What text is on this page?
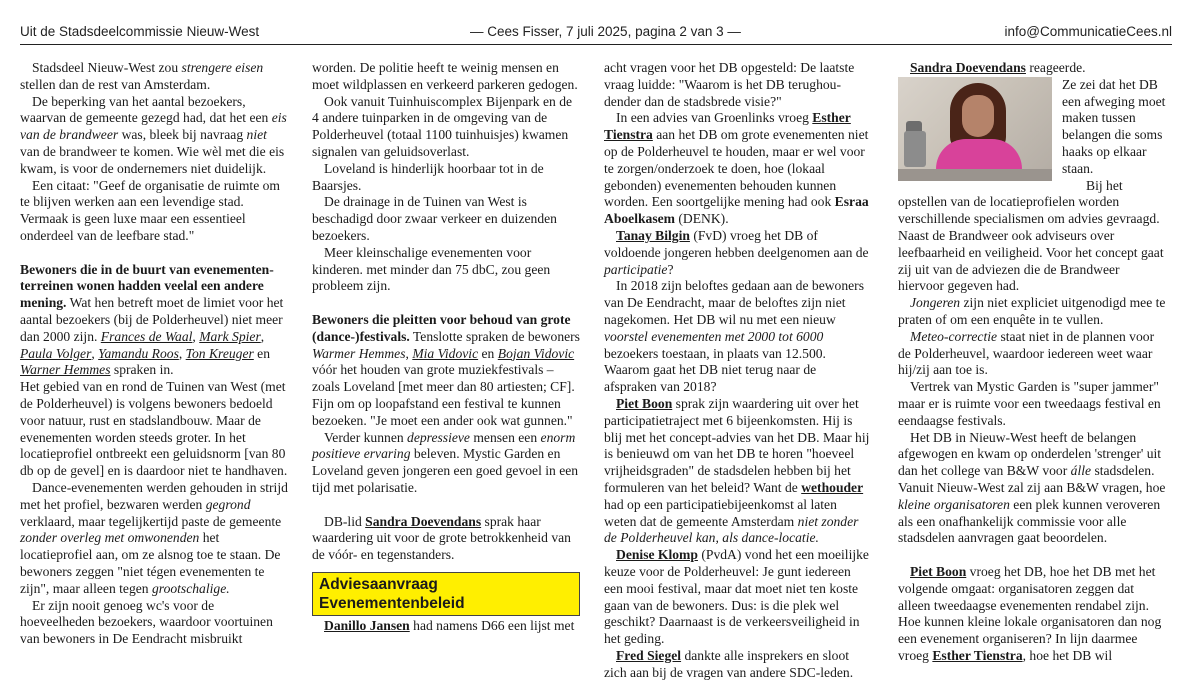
Uit de Stadsdeelcommissie Nieuw-West	— Cees Fisser, 7 juli 2025, pagina 2 van 3 —	info@CommunicatieCees.nl

Stadsdeel Nieuw-West zou strengere eisen stellen dan de rest van Amsterdam.

De beperking van het aantal bezoekers, waarvan de gemeente gezegd had, dat het een eis van de brandweer was, bleek bij navraag niet van de brandweer te komen. Wie wèl met die eis kwam, is voor de ondernemers niet duidelijk.

Een citaat: "Geef de organisatie de ruimte om te blijven werken aan een levendige stad. Vermaak is geen luxe maar een essentieel onderdeel van de leefbare stad."

Bewoners die in de buurt van evenementen-terreinen wonen hadden veelal een andere mening. Wat hen betreft moet de limiet voor het aantal bezoekers (bij de Polderheuvel) niet meer dan 2000 zijn. Frances de Waal, Mark Spier, Paula Volger, Yamandu Roos, Ton Kreuger en Warner Hemmes spraken in.

Het gebied van en rond de Tuinen van West (met de Polderheuvel) is volgens bewoners bedoeld voor natuur, rust en stadslandbouw. Maar de evenementen worden steeds groter. In het locatieprofiel ontbreekt een geluidsnorm [van 80 db op de gevel] en is daardoor niet te handhaven.

Dance-evenementen werden gehouden in strijd met het profiel, bezwaren werden gegrond verklaard, maar tegelijkertijd paste de gemeente zonder overleg met omwonenden het locatieprofiel aan, om ze alsnog toe te staan. De bewoners zeggen "niet tégen evenementen te zijn", maar alleen tegen grootschalige.

Er zijn nooit genoeg wc's voor de hoeveelheden bezoekers, waardoor voortuinen van bewoners in De Eendracht misbruikt

worden. De politie heeft te weinig mensen en moet wildplassen en verkeerd parkeren gedogen.

Ook vanuit Tuinhuiscomplex Bijenpark en de 4 andere tuinparken in de omgeving van de Polderheuvel (totaal 1100 tuinhuisjes) kwamen signalen van geluidsoverlast.

Loveland is hinderlijk hoorbaar tot in de Baarsjes.

De drainage in de Tuinen van West is beschadigd door zwaar verkeer en duizenden bezoekers.

Meer kleinschalige evenementen voor kinderen. met minder dan 75 dbC, zou geen probleem zijn.

Bewoners die pleitten voor behoud van grote (dance-)festivals. Tenslotte spraken de bewoners Warmer Hemmes, Mia Vidovic en Bojan Vidovic vóór het houden van grote muziekfestivals – zoals Loveland [met meer dan 80 artiesten; CF]. Fijn om op loopafstand een festival te kunnen bezoeken. "Je moet een ander ook wat gunnen."

Verder kunnen depressieve mensen een enorm positieve ervaring beleven. Mystic Garden en Loveland geven jongeren een goed gevoel in een tijd met polarisatie.

DB-lid Sandra Doevendans sprak haar waardering uit voor de grote betrokkenheid van de vóór- en tegenstanders.

Adviesaanvraag
Evenementenbeleid

Danillo Jansen had namens D66 een lijst met

acht vragen voor het DB opgesteld: De laatste vraag luidde: "Waarom is het DB terughou-dender dan de stadsbrede visie?"

In een advies van Groenlinks vroeg Esther Tienstra aan het DB om grote evenementen niet op de Polderheuvel te houden, maar er wel voor te zorgen/onderzoek te doen, hoe (lokaal gebonden) evenementen behouden kunnen worden. Een soortgelijke mening had ook Esraa Aboelkasem (DENK).

Tanay Bilgin (FvD) vroeg het DB of voldoende jongeren hebben deelgenomen aan de participatie?

In 2018 zijn beloftes gedaan aan de bewoners van De Eendracht, maar de beloftes zijn niet nagekomen. Het DB wil nu met een nieuw voorstel evenementen met 2000 tot 6000 bezoekers toestaan, in plaats van 12.500. Waarom gaat het DB niet terug naar de afspraken van 2018?

Piet Boon sprak zijn waardering uit over het participatietraject met 6 bijeenkomsten. Hij is blij met het concept-advies van het DB. Maar hij is benieuwd om van het DB te horen "hoeveel vrijheidsgraden" de stadsdelen hebben bij het formuleren van het beleid? Want de wethouder had op een participatiebijeenkomst al laten weten dat de gemeente Amsterdam niet zonder de Polderheuvel kan, als dance-locatie.

Denise Klomp (PvdA) vond het een moeilijke keuze voor de Polderheuvel: Je gunt iedereen een mooi festival, maar dat moet niet ten koste gaan van de bewoners. Dus: is die plek wel geschikt? Daarnaast is de verkeersveiligheid in het geding.

Fred Siegel dankte alle insprekers en sloot zich aan bij de vragen van andere SDC-leden.

Sandra Doevendans reageerde.

Ze zei dat het DB een afweging moet maken tussen belangen die soms haaks op elkaar staan.

Bij het opstellen van de locatieprofielen worden verschillende specialismen om advies gevraagd. Naast de Brandweer ook adviseurs over leefbaarheid en veiligheid. Voor het concept gaat zij uit van de adviezen die de Brandweer hiervoor gegeven had.

Jongeren zijn niet expliciet uitgenodigd mee te praten of om een enquête in te vullen.

Meteo-correctie staat niet in de plannen voor de Polderheuvel, waardoor iedereen weet waar hij/zij aan toe is.

Vertrek van Mystic Garden is "super jammer" maar er is ruimte voor een tweedaags festival en eendaagse festivals.

Het DB in Nieuw-West heeft de belangen afgewogen en kwam op onderdelen 'strenger' uit dan het college van B&W voor álle stadsdelen. Vanuit Nieuw-West zal zij aan B&W vragen, hoe kleine organisatoren een plek kunnen veroveren als een onafhankelijk commissie voor alle stadsdelen aanvragen gaat beoordelen.

Piet Boon vroeg het DB, hoe het DB met het volgende omgaat: organisatoren zeggen dat alleen tweedaagse evenementen rendabel zijn. Hoe kunnen kleine lokale organisatoren dan nog een evenement organiseren? In lijn daarmee vroeg Esther Tienstra, hoe het DB wil
